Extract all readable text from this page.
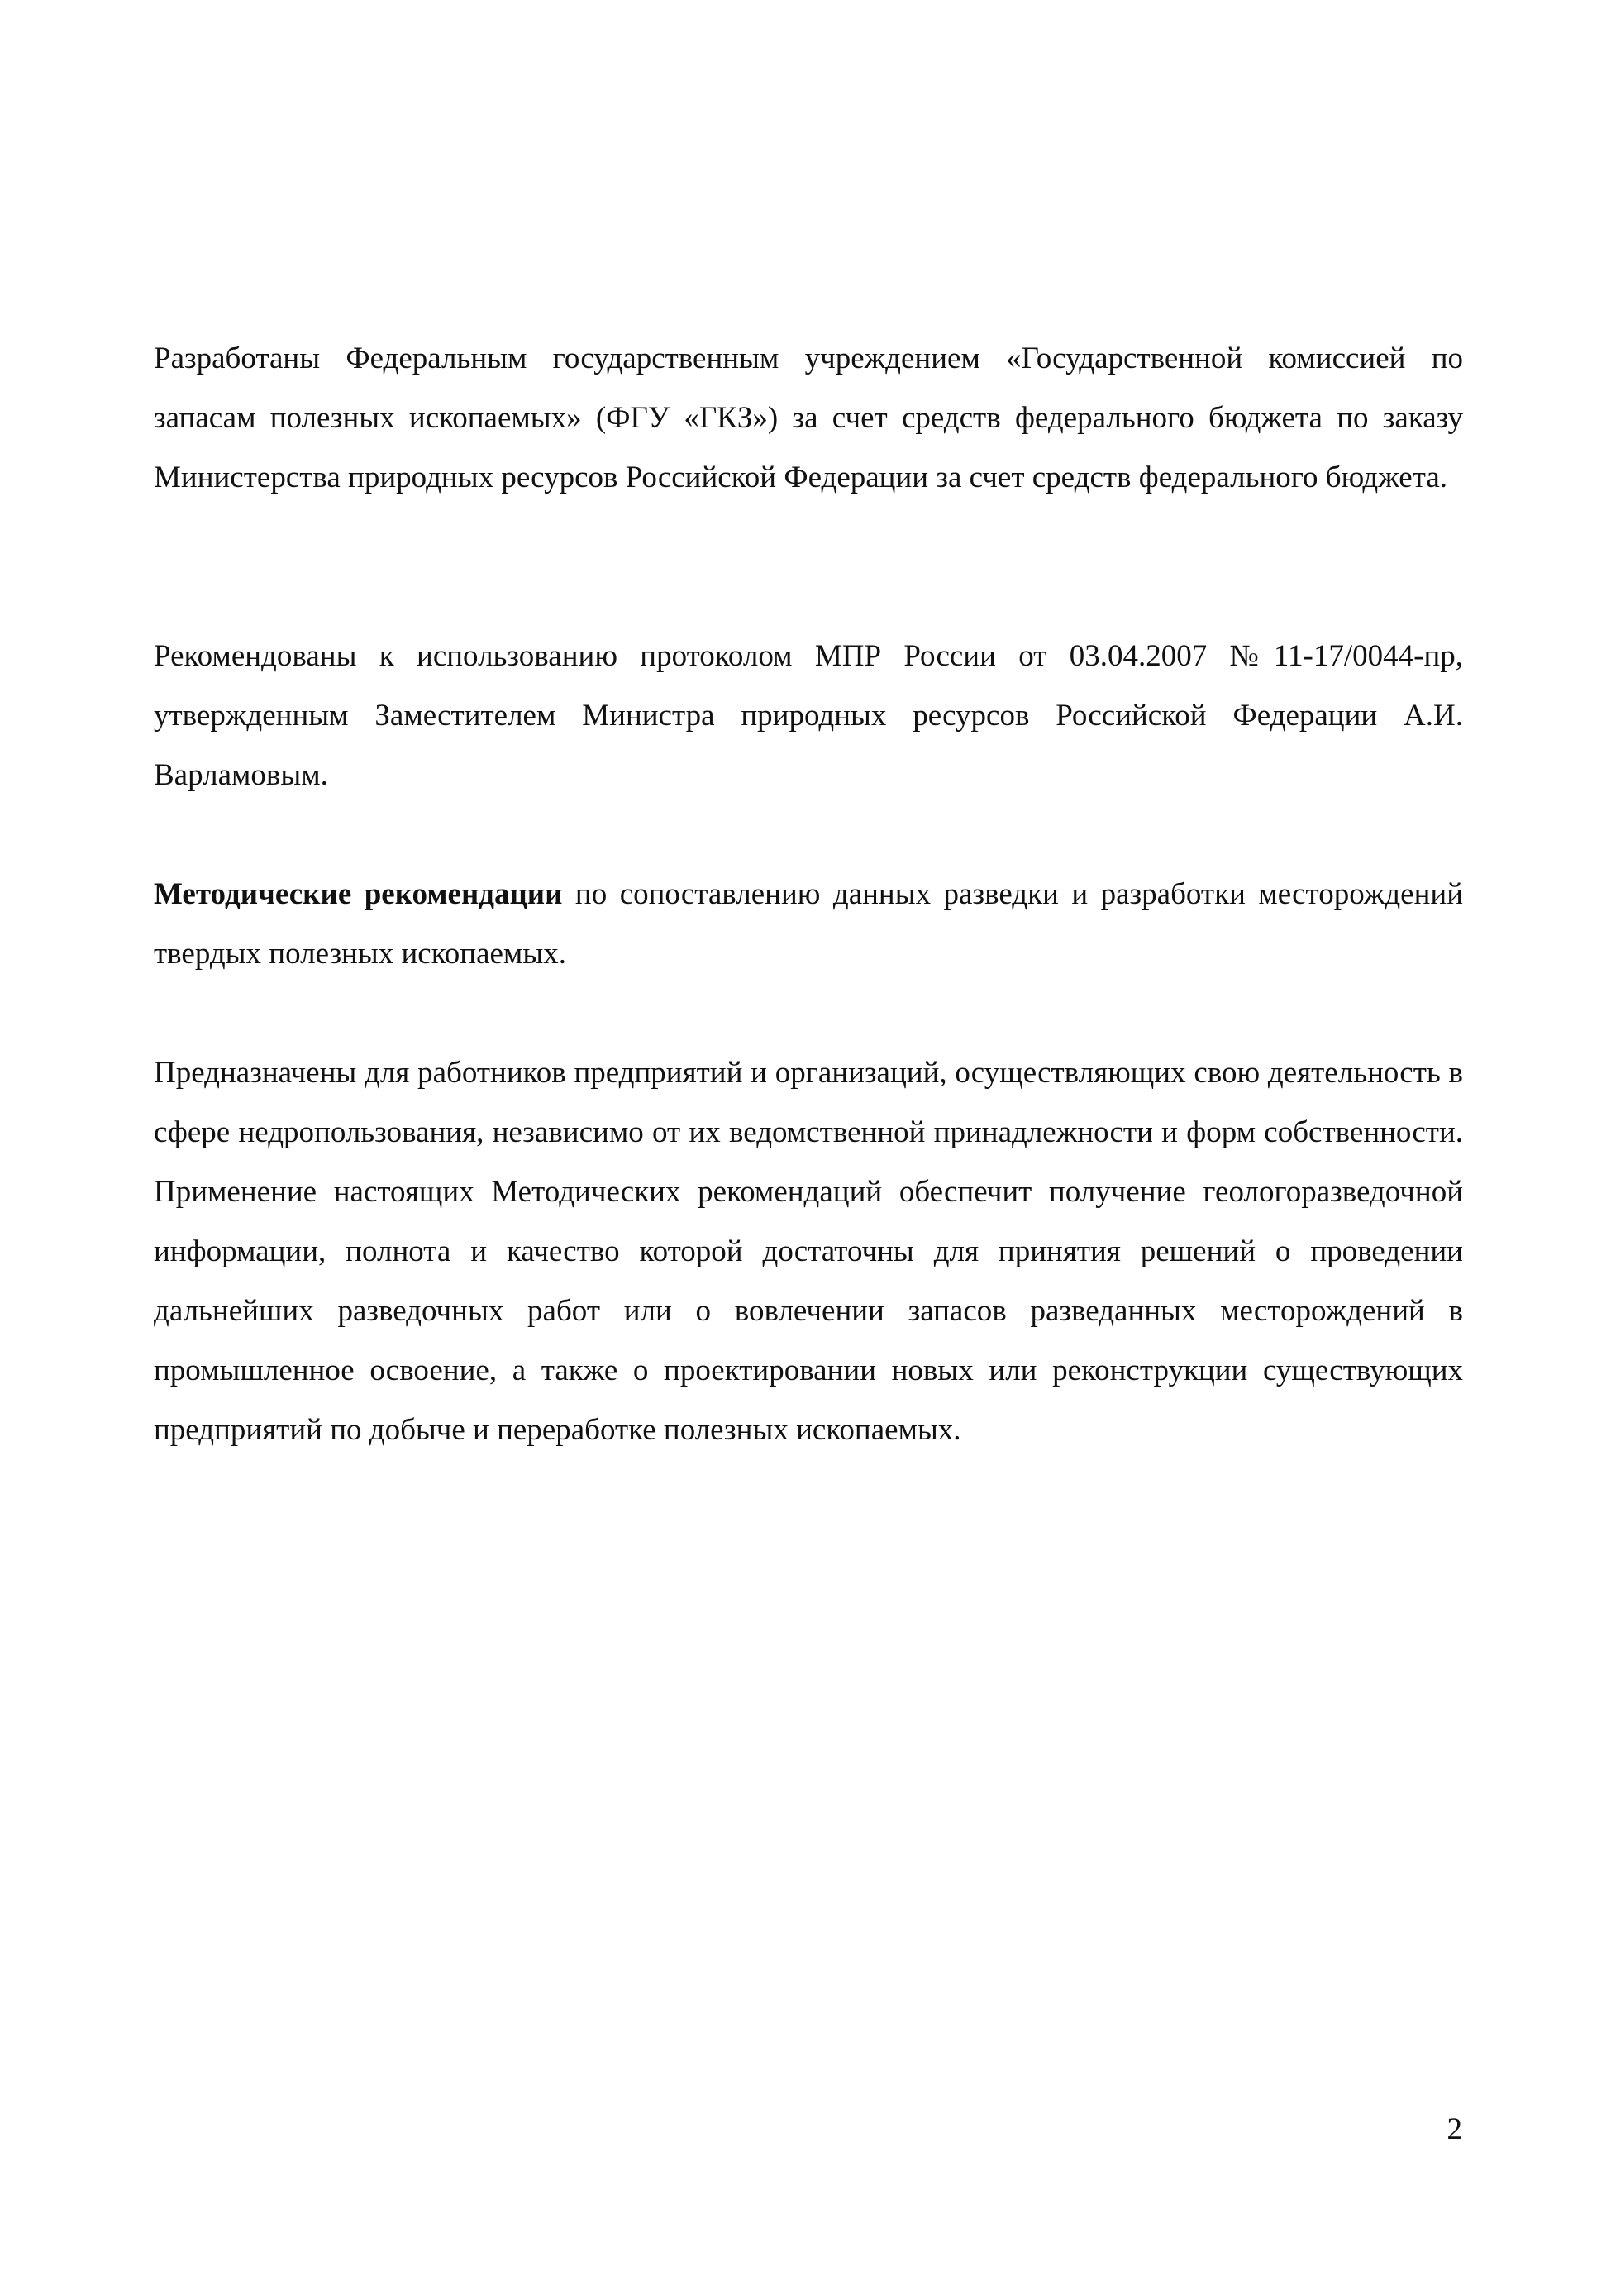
Разработаны Федеральным государственным учреждением «Государственной комиссией по запасам полезных ископаемых» (ФГУ «ГКЗ») за счет средств федерального бюджета по заказу Министерства природных ресурсов Российской Федерации за счет средств федерального бюджета.

Рекомендованы к использованию протоколом МПР России от 03.04.2007 №11-17/0044-пр, утвержденным Заместителем Министра природных ресурсов Российской Федерации А.И. Варламовым.

Методические рекомендации по сопоставлению данных разведки и разработки месторождений твердых полезных ископаемых.

Предназначены для работников предприятий и организаций, осуществляющих свою деятельность в сфере недропользования, независимо от их ведомственной принадлежности и форм собственности. Применение настоящих Методических рекомендаций обеспечит получение геологоразведочной информации, полнота и качество которой достаточны для принятия решений о проведении дальнейших разведочных работ или о вовлечении запасов разведанных месторождений в промышленное освоение, а также о проектировании новых или реконструкции существующих предприятий по добыче и переработке полезных ископаемых.

2
